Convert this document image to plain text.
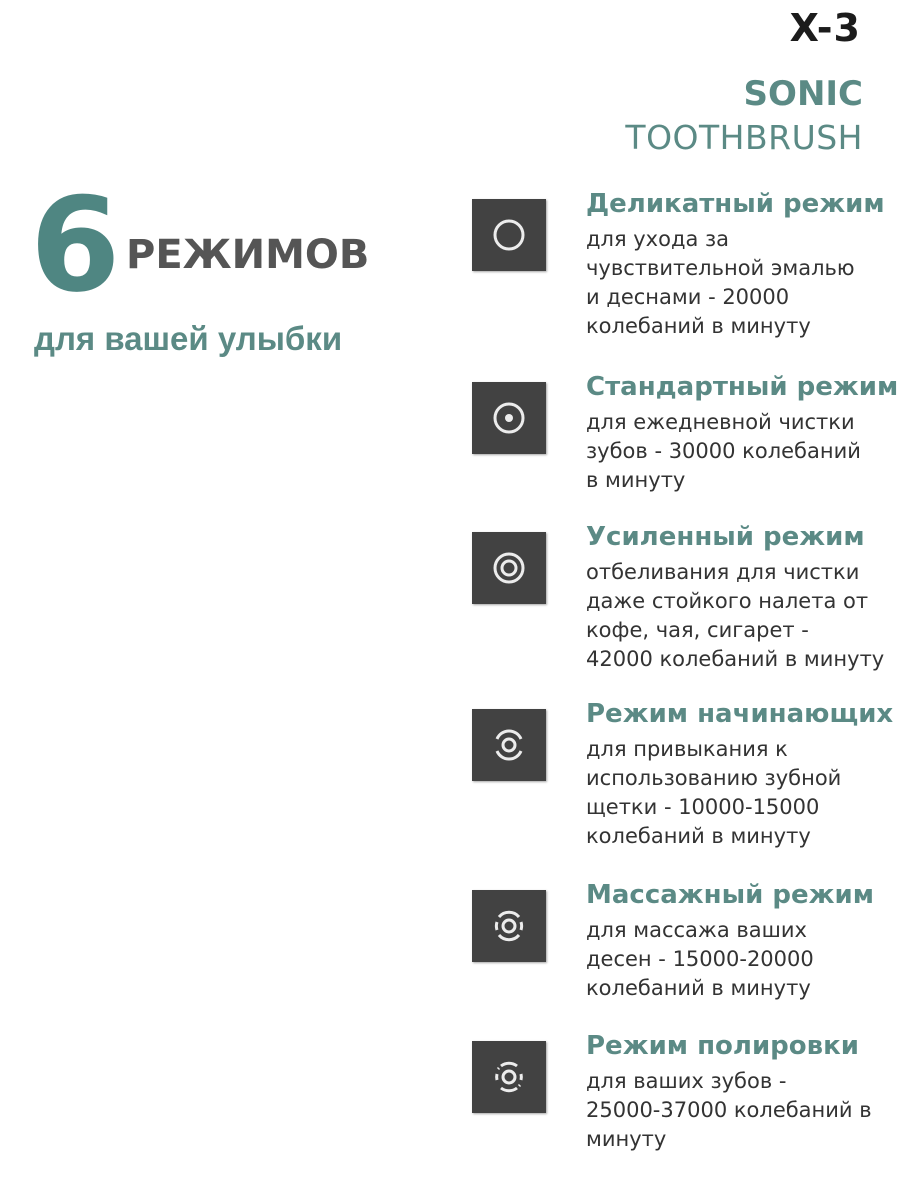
X-3
SONIC
TOOTHBRUSH
6 РЕЖИМОВ
для вашей улыбки
Деликатный режим
для ухода за
чувствительной эмалью
и деснами - 20000
колебаний в минуту
Стандартный режим
для ежедневной чистки
зубов - 30000 колебаний
в минуту
Усиленный режим
отбеливания для чистки
даже стойкого налета от
кофе, чая, сигарет -
42000 колебаний в минуту
Режим начинающих
для привыкания к
использованию зубной
щетки - 10000-15000
колебаний в минуту
Массажный режим
для массажа ваших
десен - 15000-20000
колебаний в минуту
Режим полировки
для ваших зубов -
25000-37000 колебаний в
минуту
